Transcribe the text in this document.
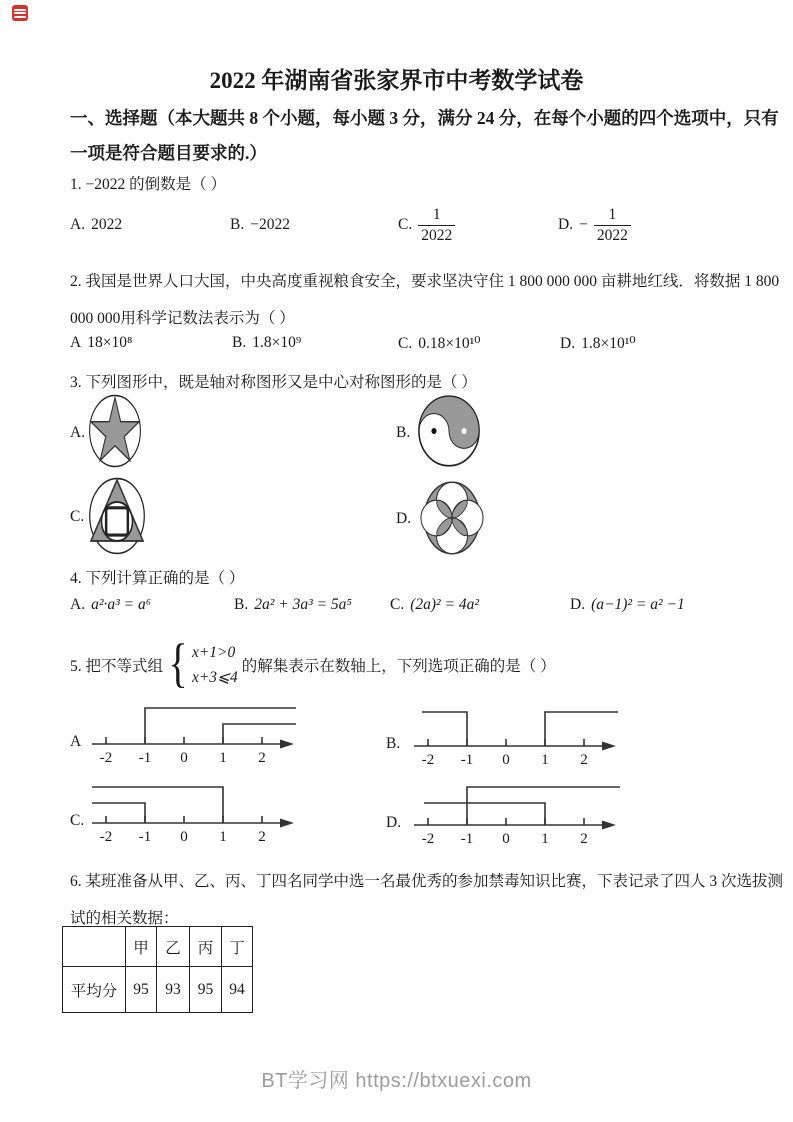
2022 年湖南省张家界市中考数学试卷
一、选择题（本大题共 8 个小题，每小题 3 分，满分 24 分，在每个小题的四个选项中，只有
一项是符合题目要求的.）
1. −2022 的倒数是（ ）
A. 2022	B. −2022	C. $\frac{1}{2022}$	D. − $\frac{1}{2022}$
2. 我国是世界人口大国，中央高度重视粮食安全，要求坚决守住 1 800 000 000 亩耕地红线．将数据 1 800
000 000用科学记数法表示为（ ）
A 18×10⁸	B. 1.8×10⁹	C. 0.18×10¹⁰	D. 1.8×10¹⁰
3. 下列图形中，既是轴对称图形又是中心对称图形的是（ ）
A.	B.
C.	D.
4. 下列计算正确的是（ ）
A. a²·a³ = a⁶	B. 2a² + 3a³ = 5a⁵ C. (2a)² = 4a²	D. (a−1)² = a² −1
5. 把不等式组 { x+1>0
x+3⩽4
的解集表示在数轴上，下列选项正确的是（ ）
A
-2 -1 0 1 2
B.
-2 -1 0 1 2
C.
-2 -1 0 1 2
D.
-2 -1 0 1 2
6. 某班准备从甲、乙、丙、丁四名同学中选一名最优秀的参加禁毒知识比赛，下表记录了四人 3 次选拔测
试的相关数据：
	甲	乙	丙	丁
平均分	95	93	95	94
BT学习网 https://btxuexi.com
